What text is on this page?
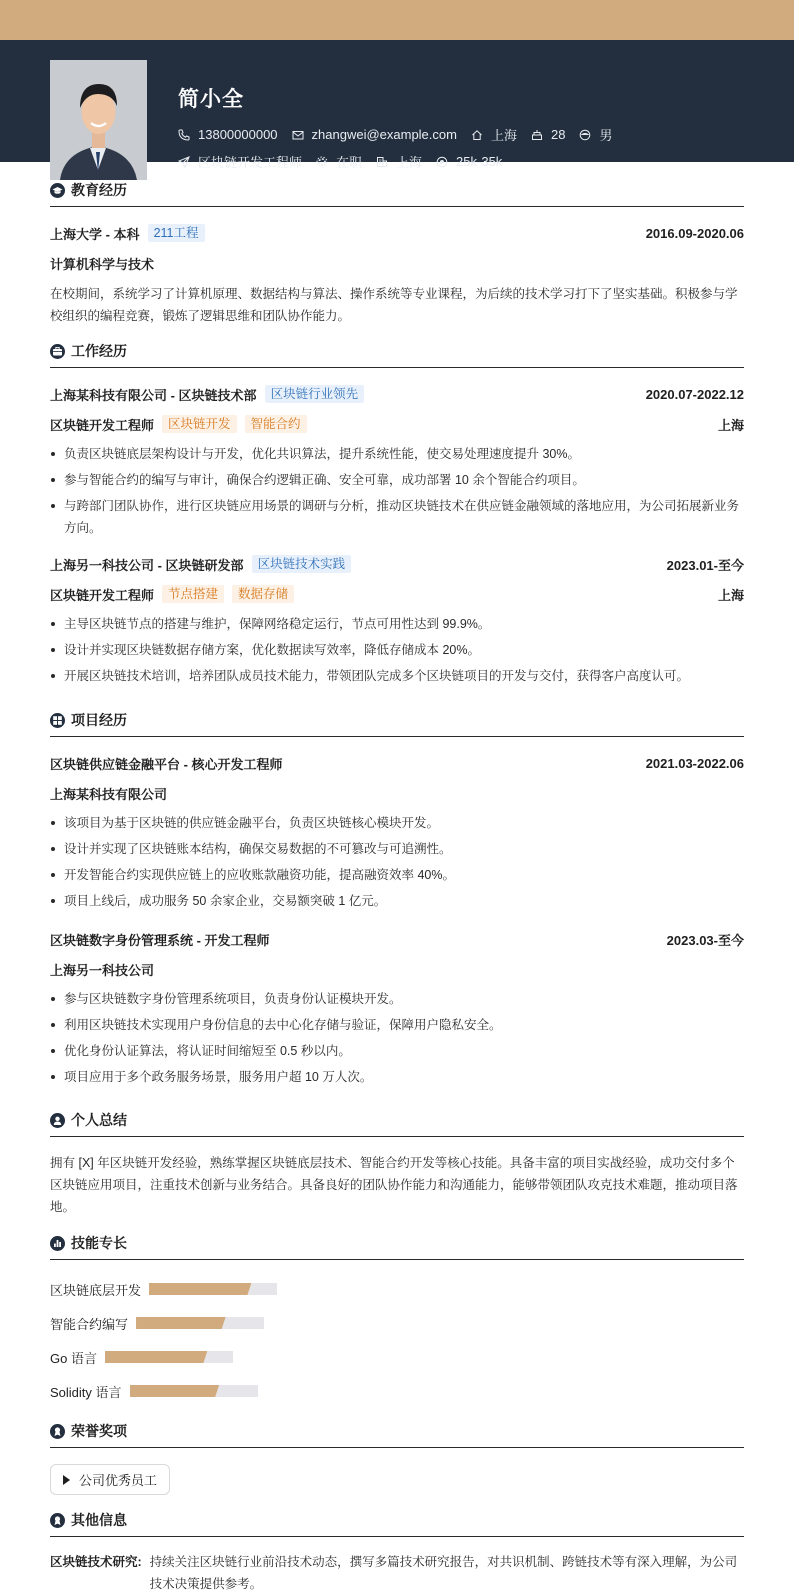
简小全
13800000000	zhangwei@example.com	上海	28	男
区块链开发工程师	在职	上海	25k-35k
教育经历
上海大学 - 本科	211工程	2016.09-2020.06
计算机科学与技术
在校期间，系统学习了计算机原理、数据结构与算法、操作系统等专业课程，为后续的技术学习打下了坚实基础。积极参与学校组织的编程竞赛，锻炼了逻辑思维和团队协作能力。
工作经历
上海某科技有限公司 - 区块链技术部	区块链行业领先	2020.07-2022.12
区块链开发工程师	区块链开发	智能合约	上海
负责区块链底层架构设计与开发，优化共识算法，提升系统性能，使交易处理速度提升 30%。
参与智能合约的编写与审计，确保合约逻辑正确、安全可靠，成功部署 10 余个智能合约项目。
与跨部门团队协作，进行区块链应用场景的调研与分析，推动区块链技术在供应链金融领域的落地应用，为公司拓展新业务方向。
上海另一科技公司 - 区块链研发部	区块链技术实践	2023.01-至今
区块链开发工程师	节点搭建	数据存储	上海
主导区块链节点的搭建与维护，保障网络稳定运行，节点可用性达到 99.9%。
设计并实现区块链数据存储方案，优化数据读写效率，降低存储成本 20%。
开展区块链技术培训，培养团队成员技术能力，带领团队完成多个区块链项目的开发与交付，获得客户高度认可。
项目经历
区块链供应链金融平台 - 核心开发工程师	2021.03-2022.06
上海某科技有限公司
该项目为基于区块链的供应链金融平台，负责区块链核心模块开发。
设计并实现了区块链账本结构，确保交易数据的不可篡改与可追溯性。
开发智能合约实现供应链上的应收账款融资功能，提高融资效率 40%。
项目上线后，成功服务 50 余家企业，交易额突破 1 亿元。
区块链数字身份管理系统 - 开发工程师	2023.03-至今
上海另一科技公司
参与区块链数字身份管理系统项目，负责身份认证模块开发。
利用区块链技术实现用户身份信息的去中心化存储与验证，保障用户隐私安全。
优化身份认证算法，将认证时间缩短至 0.5 秒以内。
项目应用于多个政务服务场景，服务用户超 10 万人次。
个人总结
拥有 [X] 年区块链开发经验，熟练掌握区块链底层技术、智能合约开发等核心技能。具备丰富的项目实战经验，成功交付多个区块链应用项目，注重技术创新与业务结合。具备良好的团队协作能力和沟通能力，能够带领团队攻克技术难题，推动项目落地。
技能专长
区块链底层开发
智能合约编写
Go 语言
Solidity 语言
荣誉奖项
公司优秀员工
其他信息
区块链技术研究: 持续关注区块链行业前沿技术动态，撰写多篇技术研究报告，对共识机制、跨链技术等有深入理解，为公司技术决策提供参考。
